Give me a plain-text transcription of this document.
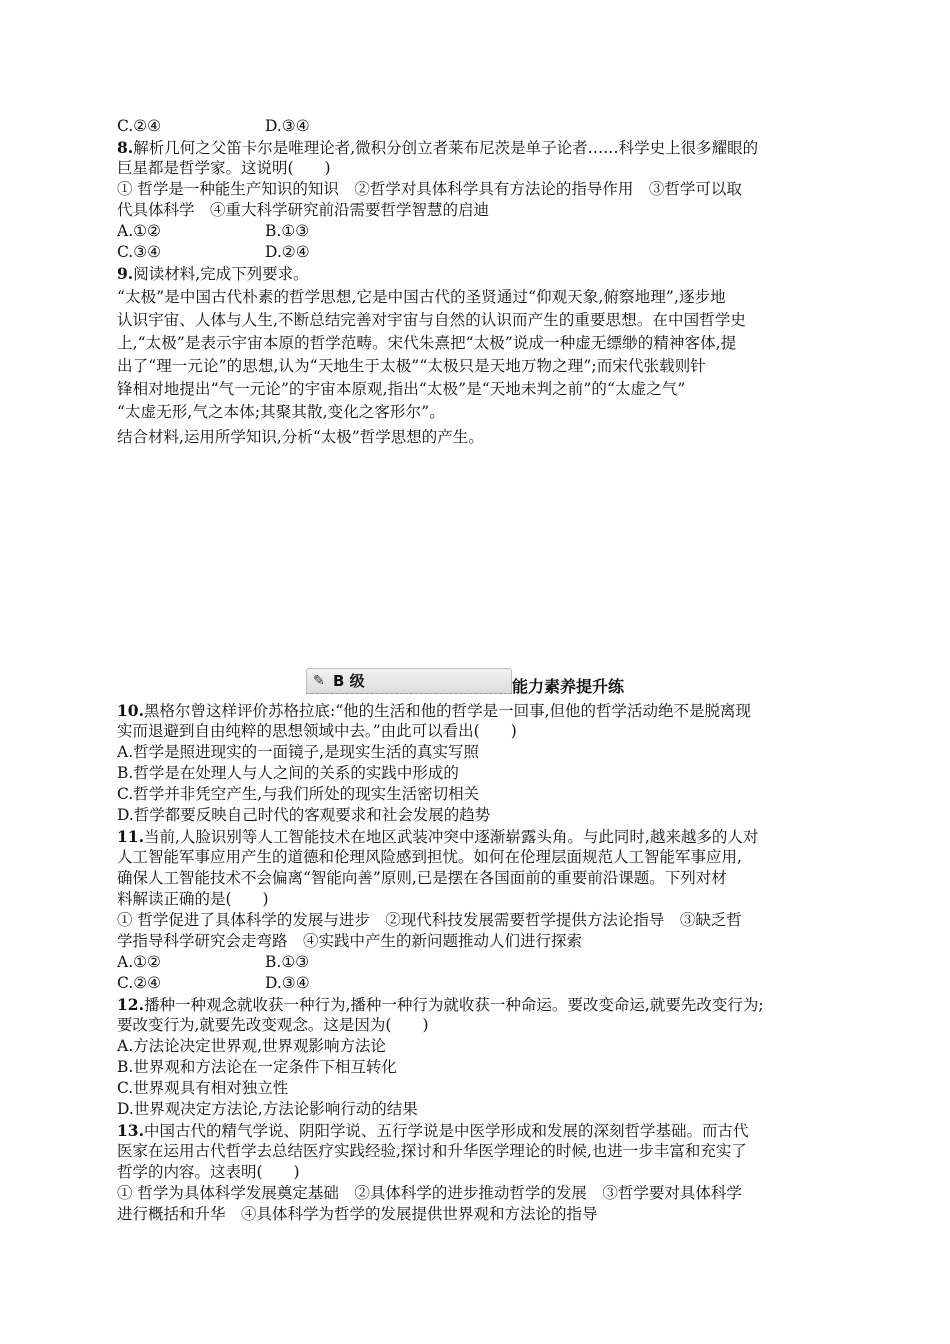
C.②④	D.③④
8.解析几何之父笛卡尔是唯理论者,微积分创立者莱布尼茨是单子论者……科学史上很多耀眼的
巨星都是哲学家。这说明(　　)
① 哲学是一种能生产知识的知识　②哲学对具体科学具有方法论的指导作用　③哲学可以取
代具体科学　④重大科学研究前沿需要哲学智慧的启迪
A.①②	B.①③
C.③④	D.②④
9.阅读材料,完成下列要求。
“太极”是中国古代朴素的哲学思想,它是中国古代的圣贤通过“仰观天象,俯察地理”,逐步地
认识宇宙、人体与人生,不断总结完善对宇宙与自然的认识而产生的重要思想。在中国哲学史
上,“太极”是表示宇宙本原的哲学范畴。宋代朱熹把“太极”说成一种虚无缥缈的精神客体,提
出了“理一元论”的思想,认为“天地生于太极”“太极只是天地万物之理”;而宋代张载则针
锋相对地提出“气一元论”的宇宙本原观,指出“太极”是“天地未判之前”的“太虚之气”
“太虚无形,气之本体;其聚其散,变化之客形尔”。
结合材料,运用所学知识,分析“太极”哲学思想的产生。
✎ B 级	能力素养提升练
10.黑格尔曾这样评价苏格拉底:“他的生活和他的哲学是一回事,但他的哲学活动绝不是脱离现
实而退避到自由纯粹的思想领域中去。”由此可以看出(　　)
A.哲学是照进现实的一面镜子,是现实生活的真实写照
B.哲学是在处理人与人之间的关系的实践中形成的
C.哲学并非凭空产生,与我们所处的现实生活密切相关
D.哲学都要反映自己时代的客观要求和社会发展的趋势
11.当前,人脸识别等人工智能技术在地区武装冲突中逐渐崭露头角。与此同时,越来越多的人对
人工智能军事应用产生的道德和伦理风险感到担忧。如何在伦理层面规范人工智能军事应用,
确保人工智能技术不会偏离“智能向善”原则,已是摆在各国面前的重要前沿课题。下列对材
料解读正确的是(　　)
① 哲学促进了具体科学的发展与进步　②现代科技发展需要哲学提供方法论指导　③缺乏哲
学指导科学研究会走弯路　④实践中产生的新问题推动人们进行探索
A.①②	B.①③
C.②④	D.③④
12.播种一种观念就收获一种行为,播种一种行为就收获一种命运。要改变命运,就要先改变行为;
要改变行为,就要先改变观念。这是因为(　　)
A.方法论决定世界观,世界观影响方法论
B.世界观和方法论在一定条件下相互转化
C.世界观具有相对独立性
D.世界观决定方法论,方法论影响行动的结果
13.中国古代的精气学说、阴阳学说、五行学说是中医学形成和发展的深刻哲学基础。而古代
医家在运用古代哲学去总结医疗实践经验,探讨和升华医学理论的时候,也进一步丰富和充实了
哲学的内容。这表明(　　)
① 哲学为具体科学发展奠定基础　②具体科学的进步推动哲学的发展　③哲学要对具体科学
进行概括和升华　④具体科学为哲学的发展提供世界观和方法论的指导
